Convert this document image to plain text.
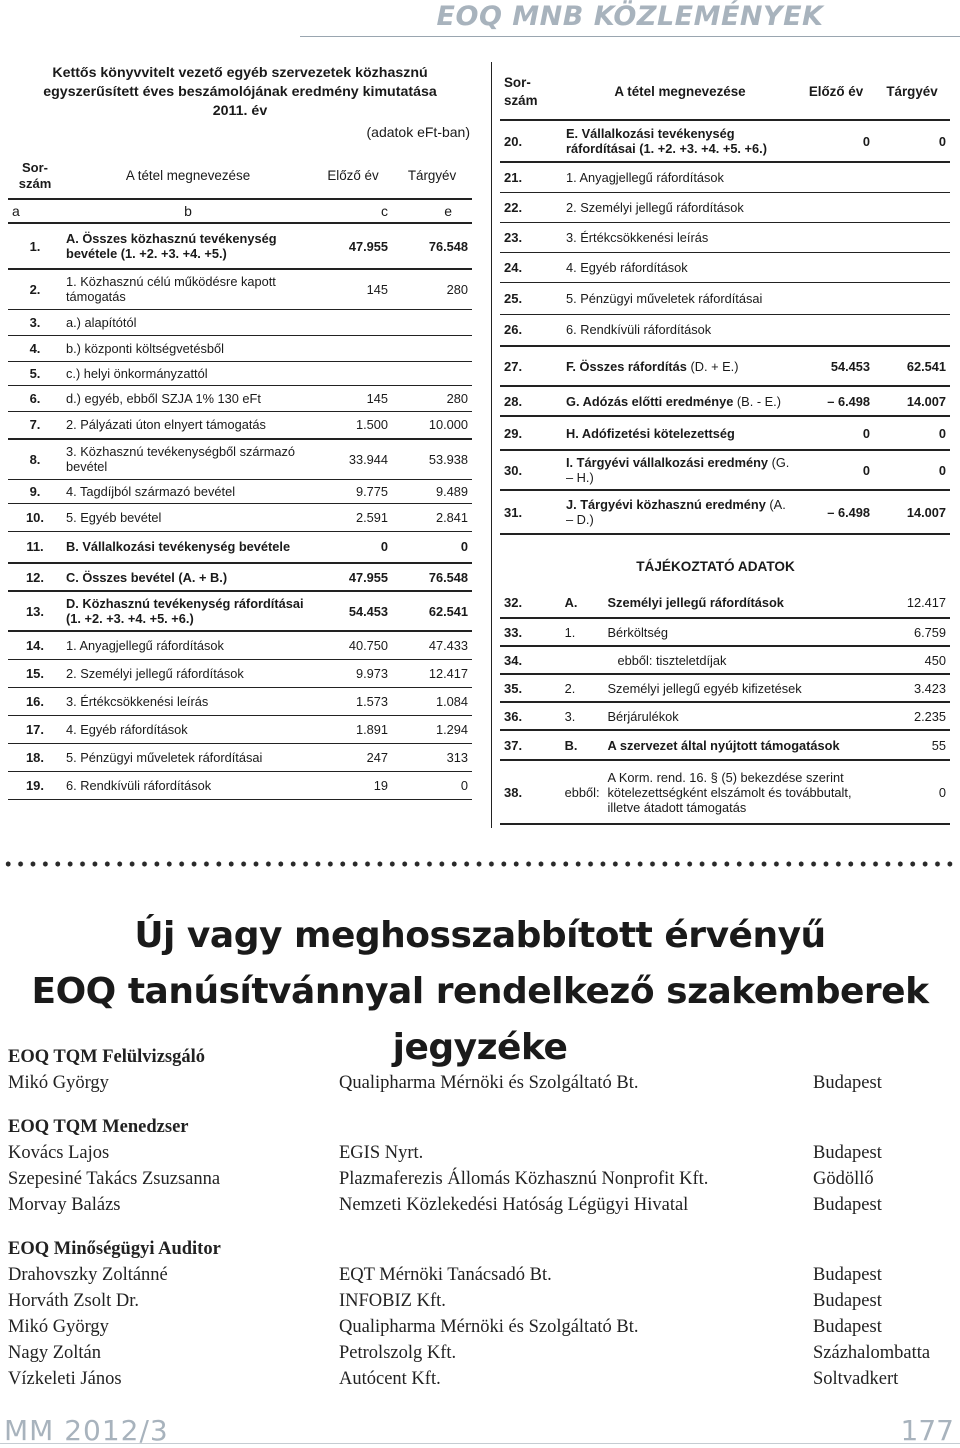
EOQ MNB KÖZLEMÉNYEK
Kettős könyvvitelt vezető egyéb szervezetek közhasznú
egyszerűsített éves beszámolójának eredmény kimutatása
2011. év
(adatok eFt-ban)
Sor-
szám	A tétel megnevezése	Előző év	Tárgyév
a	b	c	e
1.	A. Összes közhasznú tevékenység bevétele (1. +2. +3. +4. +5.)	47.955	76.548
2.	1. Közhasznú célú működésre kapott támogatás	145	280
3.	a.) alapítótól		
4.	b.) központi költségvetésből		
5.	c.) helyi önkormányzattól		
6.	d.) egyéb, ebből SZJA 1% 130 eFt	145	280
7.	2. Pályázati úton elnyert támogatás	1.500	10.000
8.	3. Közhasznú tevékenységből származó bevétel	33.944	53.938
9.	4. Tagdíjból származó bevétel	9.775	9.489
10.	5. Egyéb bevétel	2.591	2.841
11.	B. Vállalkozási tevékenység bevétele	0	0
12.	C. Összes bevétel (A. + B.)	47.955	76.548
13.	D. Közhasznú tevékenység ráfordításai (1. +2. +3. +4. +5. +6.)	54.453	62.541
14.	1. Anyagjellegű ráfordítások	40.750	47.433
15.	2. Személyi jellegű ráfordítások	9.973	12.417
16.	3. Értékcsökkenési leírás	1.573	1.084
17.	4. Egyéb ráfordítások	1.891	1.294
18.	5. Pénzügyi műveletek ráfordításai	247	313
19.	6. Rendkívüli ráfordítások	19	0
Sor-
szám	A tétel megnevezése	Előző év	Tárgyév
20.	E. Vállalkozási tevékenység ráfordításai (1. +2. +3. +4. +5. +6.)	0	0
21.	1. Anyagjellegű ráfordítások		
22.	2. Személyi jellegű ráfordítások		
23.	3. Értékcsökkenési leírás		
24.	4. Egyéb ráfordítások		
25.	5. Pénzügyi műveletek ráfordításai		
26.	6. Rendkívüli ráfordítások		
27.	F. Összes ráfordítás (D. + E.)	54.453	62.541
28.	G. Adózás előtti eredménye (B. - E.)	– 6.498	14.007
29.	H. Adófizetési kötelezettség	0	0
30.	I. Tárgyévi vállalkozási eredmény (G. – H.)	0	0
31.	J. Tárgyévi közhasznú eredmény (A. – D.)	– 6.498	14.007
TÁJÉKOZTATÓ ADATOK
32.	A.	Személyi jellegű ráfordítások	12.417
33.	1.	Bérköltség	6.759
34.		ebből: tiszteletdíjak	450
35.	2.	Személyi jellegű egyéb kifizetések	3.423
36.	3.	Bérjárulékok	2.235
37.	B.	A szervezet által nyújtott támogatások	55
38.	ebből:	A Korm. rend. 16. § (5) bekezdése szerint kötelezettségként elszámolt és továbbutalt, illetve átadott támogatás	0
Új vagy meghosszabbított érvényű
EOQ tanúsítvánnyal rendelkező szakemberek jegyzéke
EOQ TQM Felülvizsgáló
Mikó György	Qualipharma Mérnöki és Szolgáltató Bt.	Budapest
EOQ TQM Menedzser
Kovács Lajos	EGIS Nyrt.	Budapest
Szepesiné Takács Zsuzsanna	Plazmaferezis Állomás Közhasznú Nonprofit Kft.	Gödöllő
Morvay Balázs	Nemzeti Közlekedési Hatóság Légügyi Hivatal	Budapest
EOQ Minőségügyi Auditor
Drahovszky Zoltánné	EQT Mérnöki Tanácsadó Bt.	Budapest
Horváth Zsolt Dr.	INFOBIZ Kft.	Budapest
Mikó György	Qualipharma Mérnöki és Szolgáltató Bt.	Budapest
Nagy Zoltán	Petrolszolg Kft.	Százhalombatta
Vízkeleti János	Autócent Kft.	Soltvadkert
MM 2012/3	177
